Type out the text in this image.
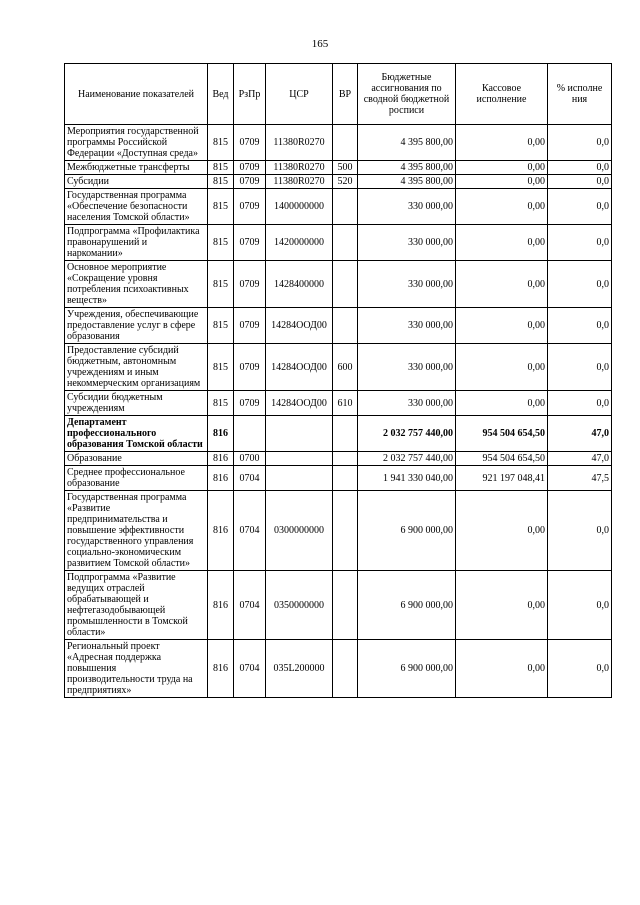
165
Наименование показателей	Вед	РзПр	ЦСР	ВР	Бюджетные ассигнования по сводной бюджетной росписи	Кассовое исполнение	% исполне ния
Мероприятия государственной программы Российской Федерации «Доступная среда»	815	0709	11380R0270		4 395 800,00	0,00	0,0
Межбюджетные трансферты	815	0709	11380R0270	500	4 395 800,00	0,00	0,0
Субсидии	815	0709	11380R0270	520	4 395 800,00	0,00	0,0
Государственная программа «Обеспечение безопасности населения Томской области»	815	0709	1400000000		330 000,00	0,00	0,0
Подпрограмма «Профилактика правонарушений и наркомании»	815	0709	1420000000		330 000,00	0,00	0,0
Основное мероприятие «Сокращение уровня потребления психоактивных веществ»	815	0709	1428400000		330 000,00	0,00	0,0
Учреждения, обеспечивающие предоставление услуг в сфере образования	815	0709	14284ООД00		330 000,00	0,00	0,0
Предоставление субсидий бюджетным, автономным учреждениям и иным некоммерческим организациям	815	0709	14284ООД00	600	330 000,00	0,00	0,0
Субсидии бюджетным учреждениям	815	0709	14284ООД00	610	330 000,00	0,00	0,0
Департамент профессионального образования Томской области	816				2 032 757 440,00	954 504 654,50	47,0
Образование	816	0700			2 032 757 440,00	954 504 654,50	47,0
Среднее профессиональное образование	816	0704			1 941 330 040,00	921 197 048,41	47,5
Государственная программа «Развитие предпринимательства и повышение эффективности государственного управления социально-экономическим развитием Томской области»	816	0704	0300000000		6 900 000,00	0,00	0,0
Подпрограмма «Развитие ведущих отраслей обрабатывающей и нефтегазодобывающей промышленности в Томской области»	816	0704	0350000000		6 900 000,00	0,00	0,0
Региональный проект «Адресная поддержка повышения производительности труда на предприятиях»	816	0704	035L200000		6 900 000,00	0,00	0,0
